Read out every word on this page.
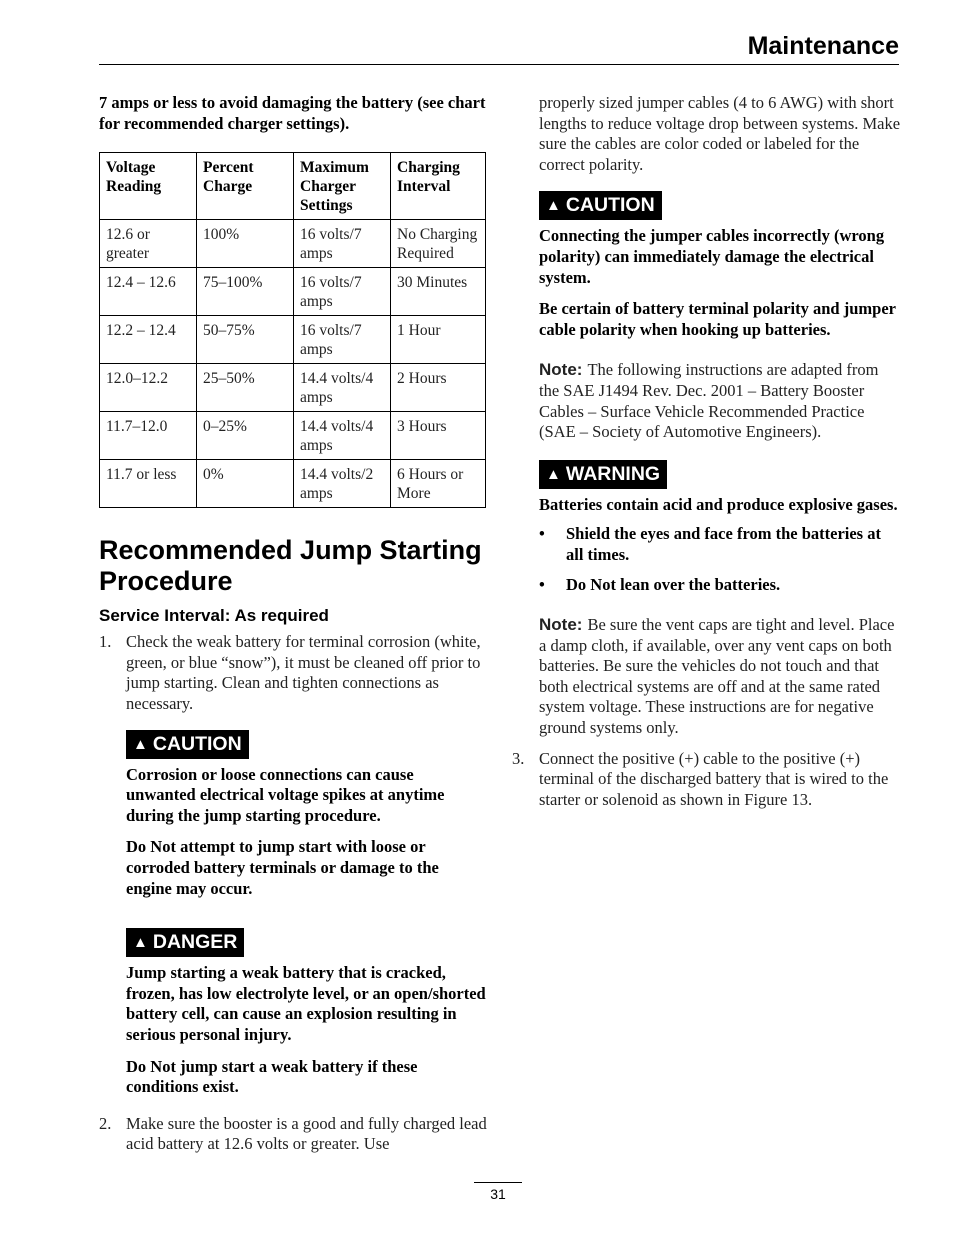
Maintenance

7 amps or less to avoid damaging the battery (see chart for recommended charger settings).

Voltage Reading	Percent Charge	Maximum Charger Settings	Charging Interval
12.6 or greater	100%	16 volts/7 amps	No Charging Required
12.4 – 12.6	75–100%	16 volts/7 amps	30 Minutes
12.2 – 12.4	50–75%	16 volts/7 amps	1 Hour
12.0–12.2	25–50%	14.4 volts/4 amps	2 Hours
11.7–12.0	0–25%	14.4 volts/4 amps	3 Hours
11.7 or less	0%	14.4 volts/2 amps	6 Hours or More
Recommended Jump Starting Procedure
Service Interval: As required
1. Check the weak battery for terminal corrosion (white, green, or blue “snow”), it must be cleaned off prior to jump starting. Clean and tighten connections as necessary.
▲ CAUTION

Corrosion or loose connections can cause unwanted electrical voltage spikes at anytime during the jump starting procedure.

Do Not attempt to jump start with loose or corroded battery terminals or damage to the engine may occur.

▲ DANGER

Jump starting a weak battery that is cracked, frozen, has low electrolyte level, or an open/shorted battery cell, can cause an explosion resulting in serious personal injury.

Do Not jump start a weak battery if these conditions exist.

2. Make sure the booster is a good and fully charged lead acid battery at 12.6 volts or greater. Use

properly sized jumper cables (4 to 6 AWG) with short lengths to reduce voltage drop between systems. Make sure the cables are color coded or labeled for the correct polarity.

▲ CAUTION

Connecting the jumper cables incorrectly (wrong polarity) can immediately damage the electrical system.

Be certain of battery terminal polarity and jumper cable polarity when hooking up batteries.

Note: The following instructions are adapted from the SAE J1494 Rev. Dec. 2001 – Battery Booster Cables – Surface Vehicle Recommended Practice (SAE – Society of Automotive Engineers).

▲ WARNING

Batteries contain acid and produce explosive gases.

• Shield the eyes and face from the batteries at all times.
• Do Not lean over the batteries.

Note: Be sure the vent caps are tight and level. Place a damp cloth, if available, over any vent caps on both batteries. Be sure the vehicles do not touch and that both electrical systems are off and at the same rated system voltage. These instructions are for negative ground systems only.

3. Connect the positive (+) cable to the positive (+) terminal of the discharged battery that is wired to the starter or solenoid as shown in Figure 13.
31
